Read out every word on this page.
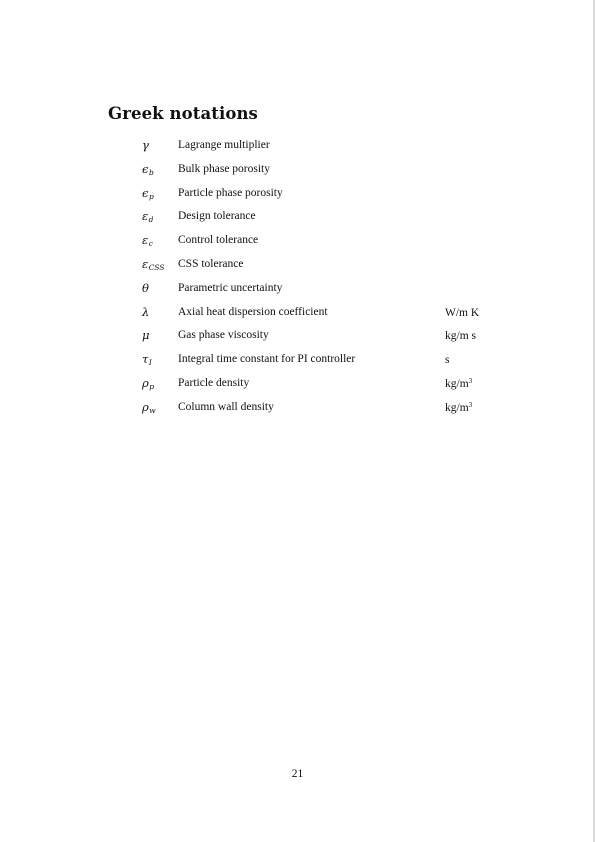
Greek notations
γ	Lagrange multiplier
$\epsilon_b$ Bulk phase porosity
$\epsilon_p$ Particle phase porosity
$\varepsilon_d$ Design tolerance
$\varepsilon_c$ Control tolerance
$\varepsilon_{CSS}$ CSS tolerance
θ	Parametric uncertainty
λ Axial heat dispersion coefficient	W/m K
μ Gas phase viscosity	kg/m s
$\tau_I$ Integral time constant for PI controller	s
$\rho_p$ Particle density	$kg/m^3$
$\rho_w$ Column wall density	$kg/m^3$
21
